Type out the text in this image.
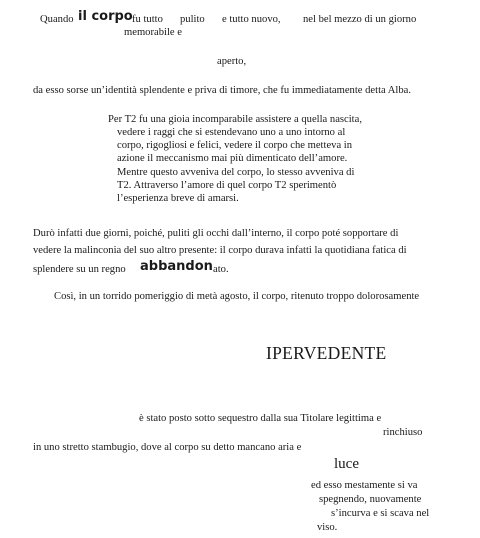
Quando il corpo fu tutto pulito e tutto nuovo, nel bel mezzo di un giorno
memorabile e
aperto,
da esso sorse un’identità splendente e priva di timore, che fu immediatamente detta Alba.
Per T2 fu una gioia incomparabile assistere a quella nascita,
vedere i raggi che si estendevano uno a uno intorno al
corpo, rigogliosi e felici, vedere il corpo che metteva in
azione il meccanismo mai più dimenticato dell’amore.
Mentre questo avveniva del corpo, lo stesso avveniva di
T2. Attraverso l’amore di quel corpo T2 sperimentò
l’esperienza breve di amarsi.
Durò infatti due giorni, poiché, puliti gli occhi dall’interno, il corpo poté sopportare di
vedere la malinconia del suo altro presente: il corpo durava infatti la quotidiana fatica di
splendere su un regno abbandon ato.
Così, in un torrido pomeriggio di metà agosto, il corpo, ritenuto troppo dolorosamente
IPERVEDENTE
è stato posto sotto sequestro dalla sua Titolare legittima e
rinchiuso
in uno stretto stambugio, dove al corpo su detto mancano aria e
luce
ed esso mestamente si va
spegnendo, nuovamente
s’incurva e si scava nel
viso.
